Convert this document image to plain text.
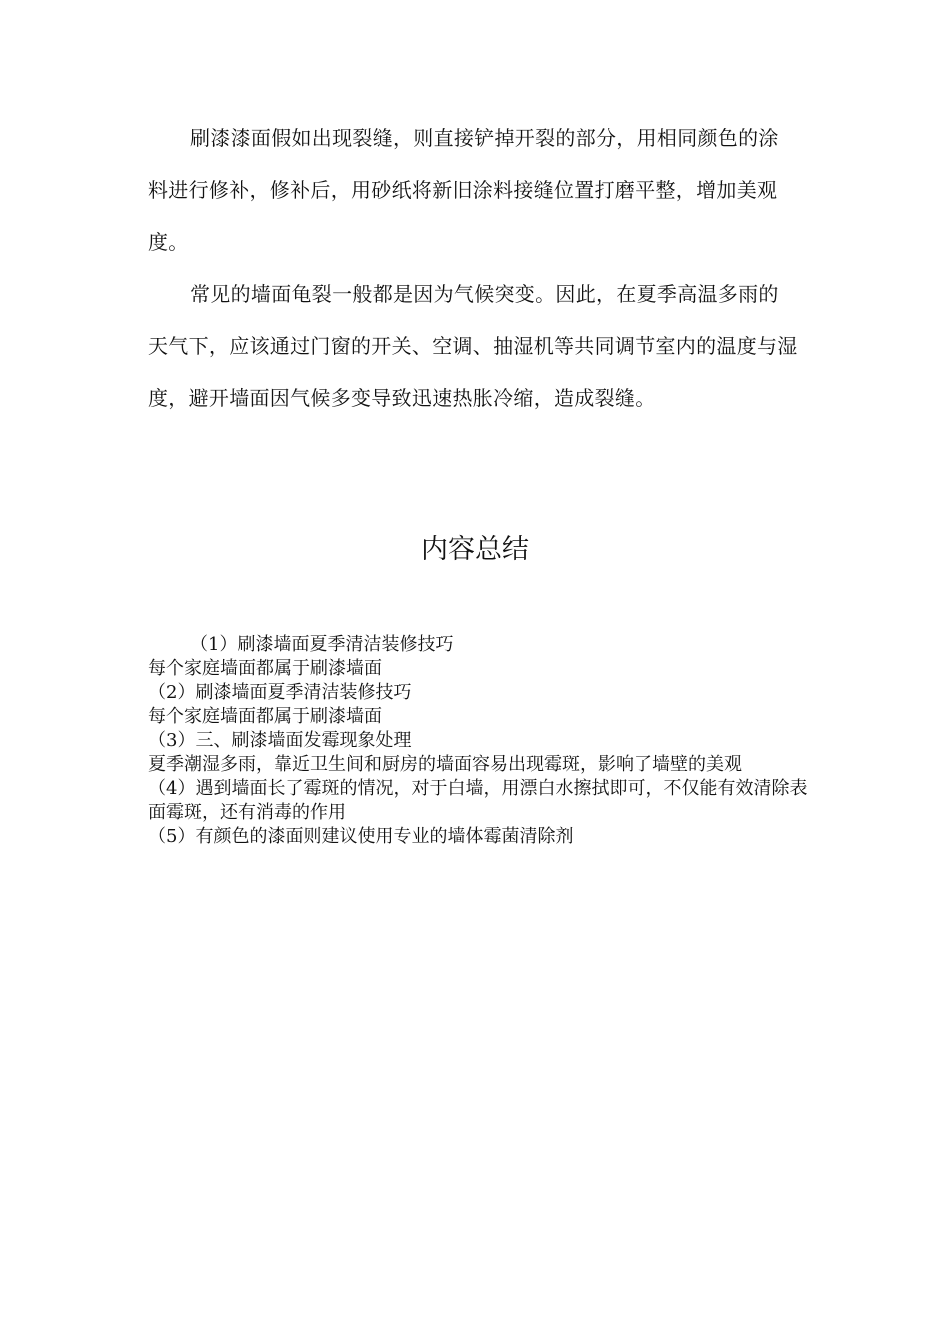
刷漆漆面假如出现裂缝，则直接铲掉开裂的部分，用相同颜色的涂料进行修补，修补后，用砂纸将新旧涂料接缝位置打磨平整，增加美观度。

常见的墙面龟裂一般都是因为气候突变。因此，在夏季高温多雨的天气下，应该通过门窗的开关、空调、抽湿机等共同调节室内的温度与湿度，避开墙面因气候多变导致迅速热胀冷缩，造成裂缝。

内容总结
（1）刷漆墙面夏季清洁装修技巧
每个家庭墙面都属于刷漆墙面
（2）刷漆墙面夏季清洁装修技巧
每个家庭墙面都属于刷漆墙面
（3）三、刷漆墙面发霉现象处理
夏季潮湿多雨，靠近卫生间和厨房的墙面容易出现霉斑，影响了墙壁的美观
（4）遇到墙面长了霉斑的情况，对于白墙，用漂白水擦拭即可，不仅能有效清除表面霉斑，还有消毒的作用
（5）有颜色的漆面则建议使用专业的墙体霉菌清除剂
